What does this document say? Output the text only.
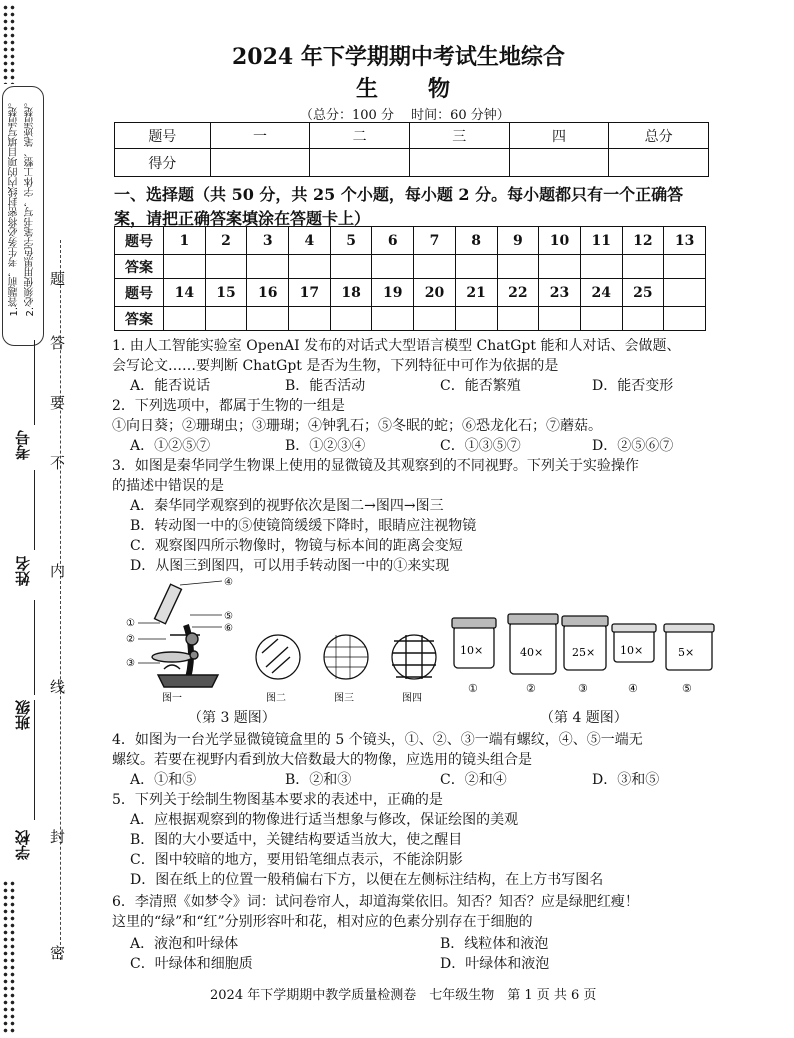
1.答题前，考生务必将密封线内的项目填写清楚。 2.必须使用黑色字笔书写，字体工整、笔迹清楚。
密
封
线
内
不
要
答
题
学校
班级
姓名
考号
2024 年下学期期中考试生地综合
生　物
（总分：100 分　 时间：60 分钟）
题号	一	二	三	四	总分
得分					
一、选择题（共 50 分，共 25 个小题，每小题 2 分。每小题都只有一个正确答案，请把正确答案填涂在答题卡上）
题号	1	2	3	4	5	6	7	8	9	10	11	12	13
答案													
题号	14	15	16	17	18	19	20	21	22	23	24	25	
答案													
1. 由人工智能实验室 OpenAI 发布的对话式大型语言模型 ChatGpt 能和人对话、会做题、
会写论文……要判断 ChatGpt 是否为生物，下列特征中可作为依据的是
A．能否说话	B．能否活动	C．能否繁殖	D．能否变形
2．下列选项中，都属于生物的一组是
①向日葵；②珊瑚虫；③珊瑚；④钟乳石；⑤冬眠的蛇；⑥恐龙化石；⑦蘑菇。
A．①②⑤⑦	B．①②③④	C．①③⑤⑦	D．②⑤⑥⑦
3．如图是秦华同学生物课上使用的显微镜及其观察到的不同视野。下列关于实验操作
的描述中错误的是
A．秦华同学观察到的视野依次是图二→图四→图三
B．转动图一中的⑤使镜筒缓缓下降时，眼睛应注视物镜
C．观察图四所示物像时，物镜与标本间的距离会变短
D．从图三到图四，可以用手转动图一中的①来实现
④
⑤
⑥
①
②
③
图一	图二	图三	图四
（第 3 题图）
10×	40×	25× 10×	5×
①	②	③	④	⑤
（第 4 题图）
4．如图为一台光学显微镜镜盒里的 5 个镜头，①、②、③一端有螺纹，④、⑤一端无
螺纹。若要在视野内看到放大倍数最大的物像，应选用的镜头组合是
A．①和⑤	B．②和③	C．②和④	D．③和⑤
5．下列关于绘制生物图基本要求的表述中，正确的是
A．应根据观察到的物像进行适当想象与修改，保证绘图的美观
B．图的大小要适中，关键结构要适当放大，使之醒目
C．图中较暗的地方，要用铅笔细点表示，不能涂阴影
D．图在纸上的位置一般稍偏右下方，以便在左侧标注结构，在上方书写图名
6．李清照《如梦令》词：试问卷帘人，却道海棠依旧。知否？知否？应是绿肥红瘦！
这里的“绿”和“红”分别形容叶和花，相对应的色素分别存在于细胞的
A．液泡和叶绿体	B．线粒体和液泡
C．叶绿体和细胞质	D．叶绿体和液泡
2024 年下学期期中教学质量检测卷　七年级生物　第 1 页 共 6 页
